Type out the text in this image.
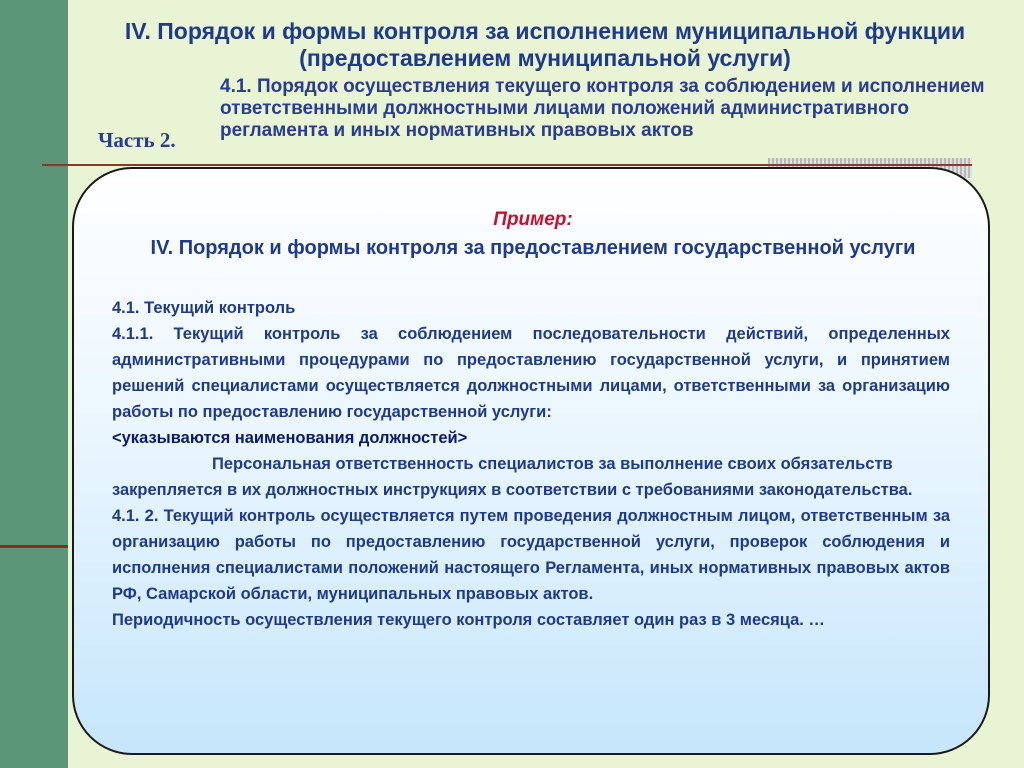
IV. Порядок и формы контроля за исполнением муниципальной функции (предоставлением муниципальной услуги)

Часть 2.

4.1. Порядок осуществления текущего контроля за соблюдением и исполнением ответственными должностными лицами положений административного регламента и иных нормативных правовых актов

Пример:

IV. Порядок и формы контроля за предоставлением государственной услуги

4.1. Текущий контроль

4.1.1. Текущий контроль за соблюдением последовательности действий, определенных административными процедурами по предоставлению государственной услуги, и принятием решений специалистами осуществляется должностными лицами, ответственными за организацию работы по предоставлению государственной услуги:

<указываются наименования должностей>

Персональная ответственность специалистов за выполнение своих обязательств закрепляется в их должностных инструкциях в соответствии с требованиями законодательства.

4.1. 2. Текущий контроль осуществляется путем проведения должностным лицом, ответственным за организацию работы по предоставлению государственной услуги, проверок соблюдения и исполнения специалистами положений настоящего Регламента, иных нормативных правовых актов РФ, Самарской области, муниципальных правовых актов.

Периодичность осуществления текущего контроля составляет один раз в 3 месяца. …
